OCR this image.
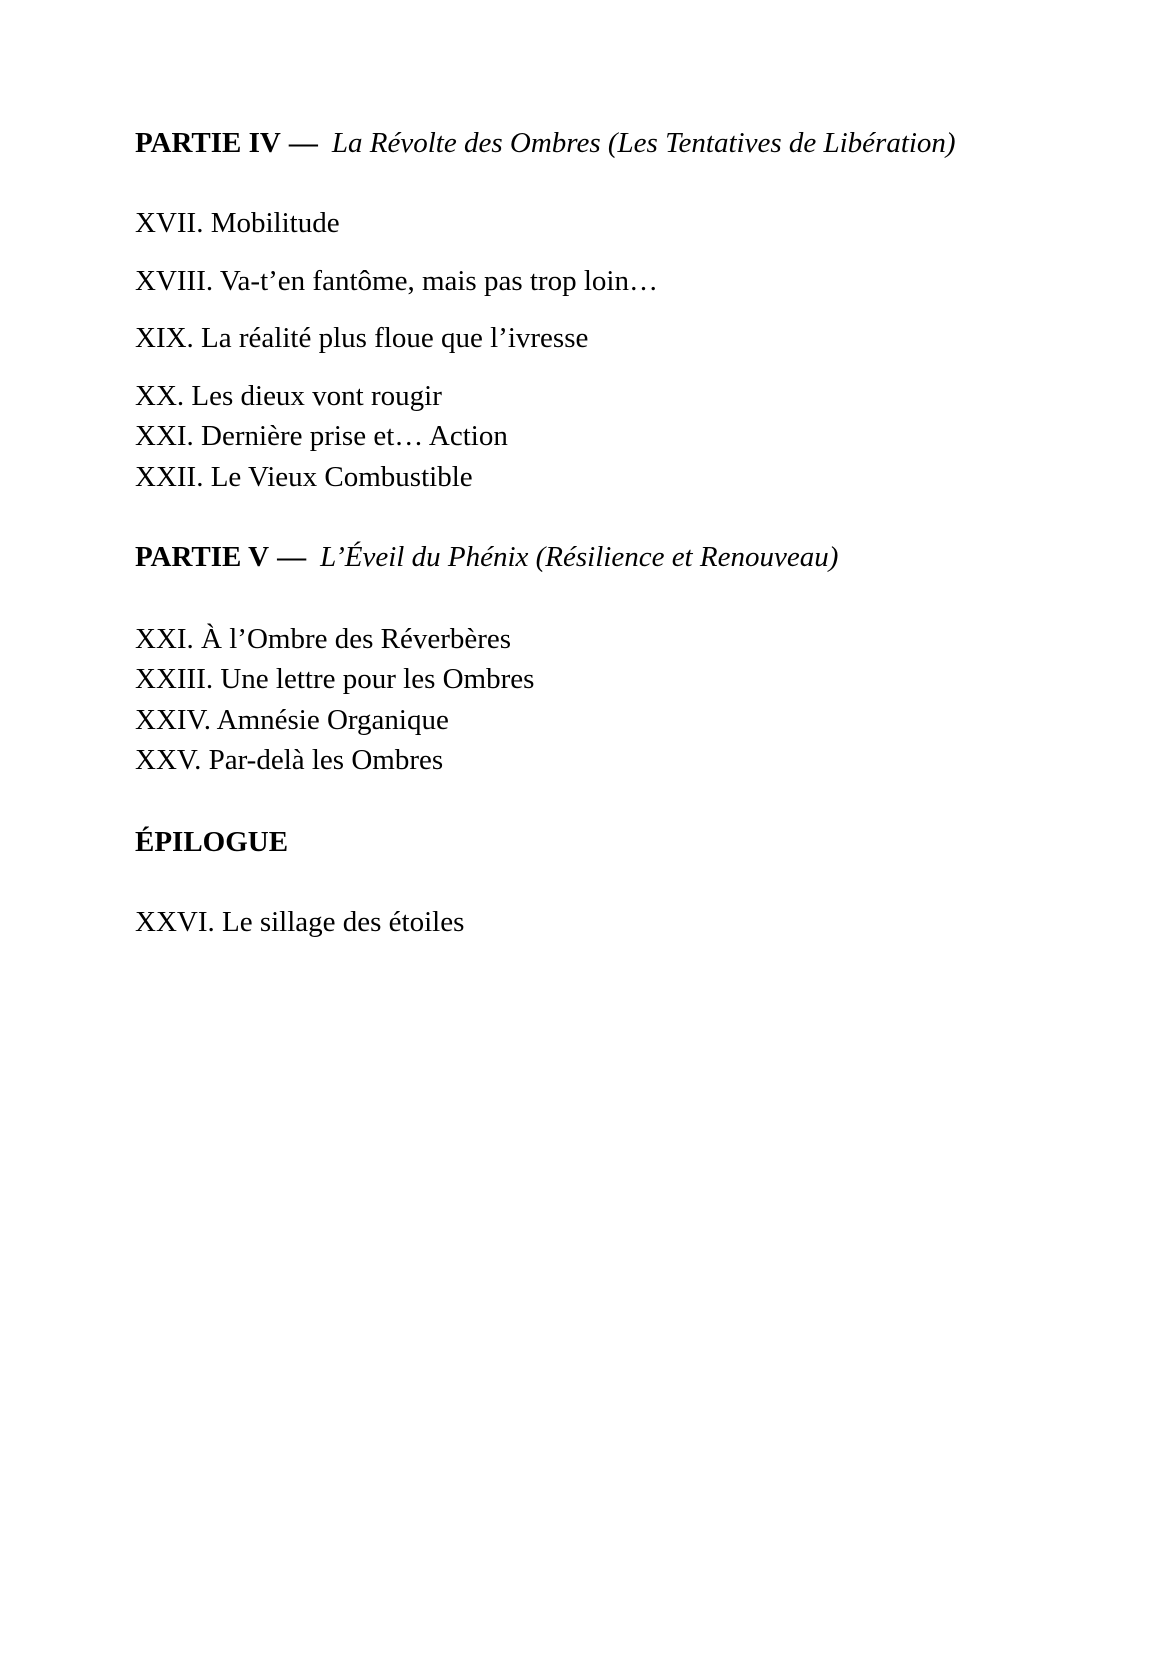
PARTIE IV — La Révolte des Ombres (Les Tentatives de Libération)
XVII. Mobilitude
XVIII. Va-t’en fantôme, mais pas trop loin…
XIX. La réalité plus floue que l’ivresse
XX. Les dieux vont rougir
XXI. Dernière prise et… Action
XXII. Le Vieux Combustible
PARTIE V — L’Éveil du Phénix (Résilience et Renouveau)
XXI. À l’Ombre des Réverbères
XXIII. Une lettre pour les Ombres
XXIV. Amnésie Organique
XXV. Par-delà les Ombres
ÉPILOGUE
XXVI. Le sillage des étoiles
